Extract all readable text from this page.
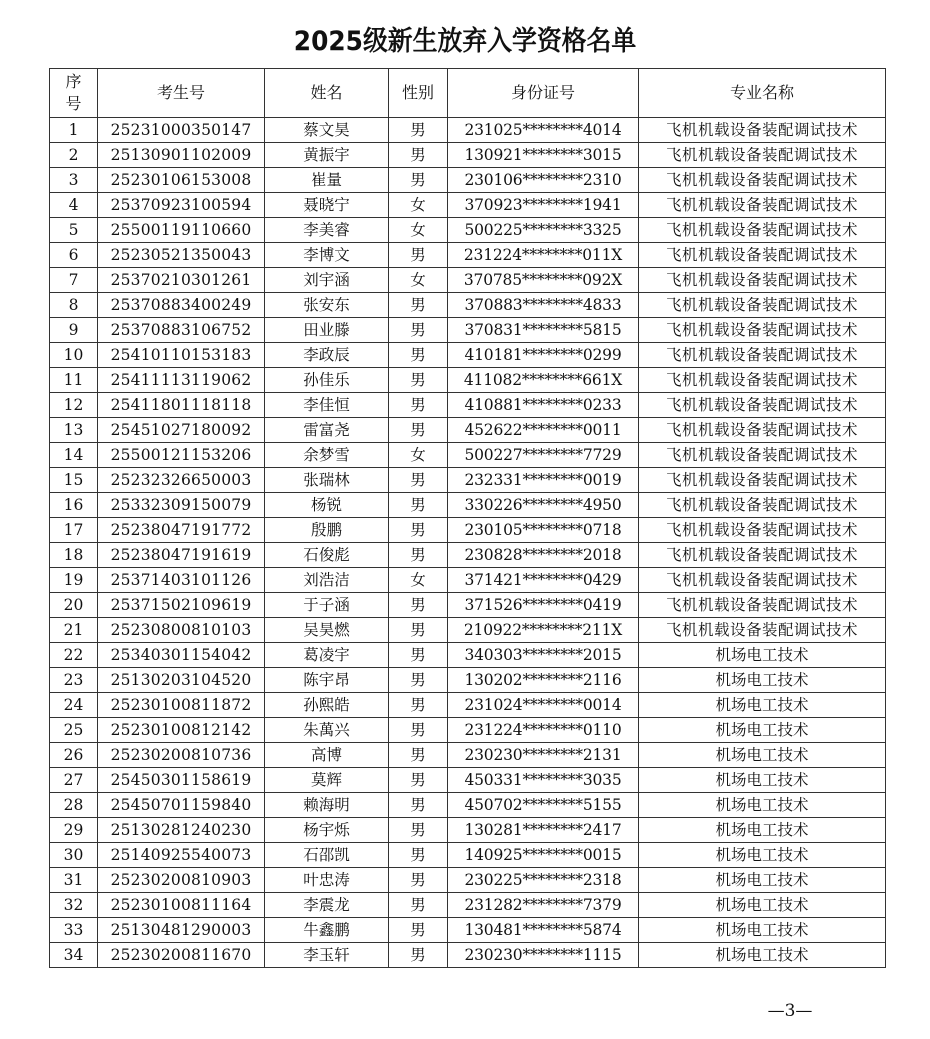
2025级新生放弃入学资格名单
序号	考生号	姓名	性别	身份证号	专业名称
1	25231000350147	蔡文昊	男	231025********4014	飞机机载设备装配调试技术
2	25130901102009	黄振宇	男	130921********3015	飞机机载设备装配调试技术
3	25230106153008	崔量	男	230106********2310	飞机机载设备装配调试技术
4	25370923100594	聂晓宁	女	370923********1941	飞机机载设备装配调试技术
5	25500119110660	李美睿	女	500225********3325	飞机机载设备装配调试技术
6	25230521350043	李博文	男	231224********011X	飞机机载设备装配调试技术
7	25370210301261	刘宇涵	女	370785********092X	飞机机载设备装配调试技术
8	25370883400249	张安东	男	370883********4833	飞机机载设备装配调试技术
9	25370883106752	田业滕	男	370831********5815	飞机机载设备装配调试技术
10	25410110153183	李政辰	男	410181********0299	飞机机载设备装配调试技术
11	25411113119062	孙佳乐	男	411082********661X	飞机机载设备装配调试技术
12	25411801118118	李佳恒	男	410881********0233	飞机机载设备装配调试技术
13	25451027180092	雷富尧	男	452622********0011	飞机机载设备装配调试技术
14	25500121153206	余梦雪	女	500227********7729	飞机机载设备装配调试技术
15	25232326650003	张瑞林	男	232331********0019	飞机机载设备装配调试技术
16	25332309150079	杨锐	男	330226********4950	飞机机载设备装配调试技术
17	25238047191772	殷鹏	男	230105********0718	飞机机载设备装配调试技术
18	25238047191619	石俊彪	男	230828********2018	飞机机载设备装配调试技术
19	25371403101126	刘浩洁	女	371421********0429	飞机机载设备装配调试技术
20	25371502109619	于子涵	男	371526********0419	飞机机载设备装配调试技术
21	25230800810103	吴昊燃	男	210922********211X	飞机机载设备装配调试技术
22	25340301154042	葛凌宇	男	340303********2015	机场电工技术
23	25130203104520	陈宇昂	男	130202********2116	机场电工技术
24	25230100811872	孙熙皓	男	231024********0014	机场电工技术
25	25230100812142	朱萬兴	男	231224********0110	机场电工技术
26	25230200810736	高博	男	230230********2131	机场电工技术
27	25450301158619	莫辉	男	450331********3035	机场电工技术
28	25450701159840	赖海明	男	450702********5155	机场电工技术
29	25130281240230	杨宇烁	男	130281********2417	机场电工技术
30	25140925540073	石邵凯	男	140925********0015	机场电工技术
31	25230200810903	叶忠涛	男	230225********2318	机场电工技术
32	25230100811164	李震龙	男	231282********7379	机场电工技术
33	25130481290003	牛鑫鹏	男	130481********5874	机场电工技术
34	25230200811670	李玉轩	男	230230********1115	机场电工技术
—3—
